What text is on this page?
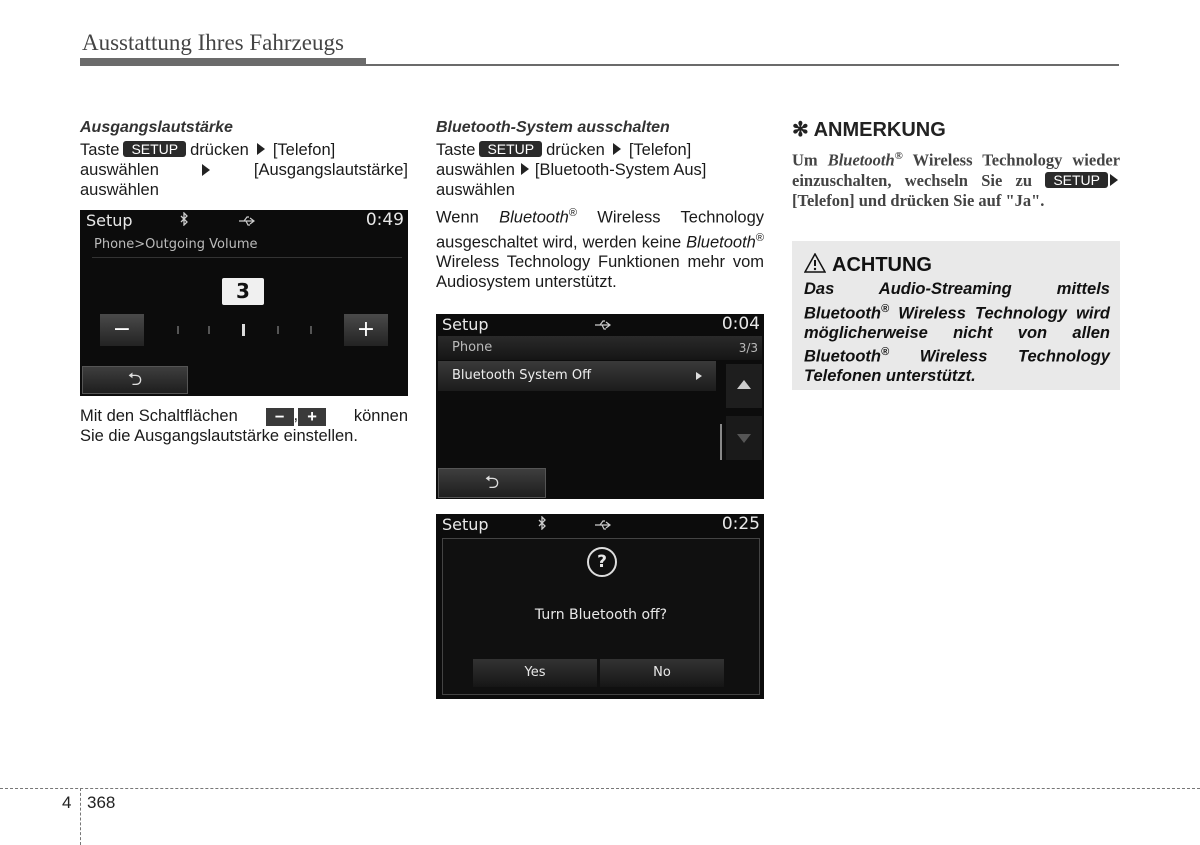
Ausstattung Ihres Fahrzeugs

Ausgangslautstärke

Taste SETUP drücken [Telefon]

auswählen	[Ausgangslautstärke]
auswählen

Setup	0:49
Phone>Outgoing Volume
3
−	+
⮌

Mit den Schaltflächen	− , +	können

Sie die Ausgangslautstärke einstellen.

Bluetooth-System ausschalten

Taste SETUP drücken [Telefon]
auswählen [Bluetooth-System Aus]
auswählen

Wenn Bluetooth® Wireless Technology ausgeschaltet wird, werden keine Bluetooth® Wireless Technology Funktionen mehr vom Audiosystem unterstützt.

Setup	0:04
Phone	3/3
Bluetooth System Off
⮌
Setup	0:25
?
Turn Bluetooth off?
Yes	No
✻ ANMERKUNG
Um Bluetooth® Wireless Technology wieder einzuschalten, wechseln Sie zu SETUP[Telefon] und drücken Sie auf "Ja".
ACHTUNG
Das Audio-Streaming mittels Bluetooth® Wireless Technology wird möglicherweise nicht von allen Bluetooth® Wireless Technology Telefonen unterstützt.
4 368
